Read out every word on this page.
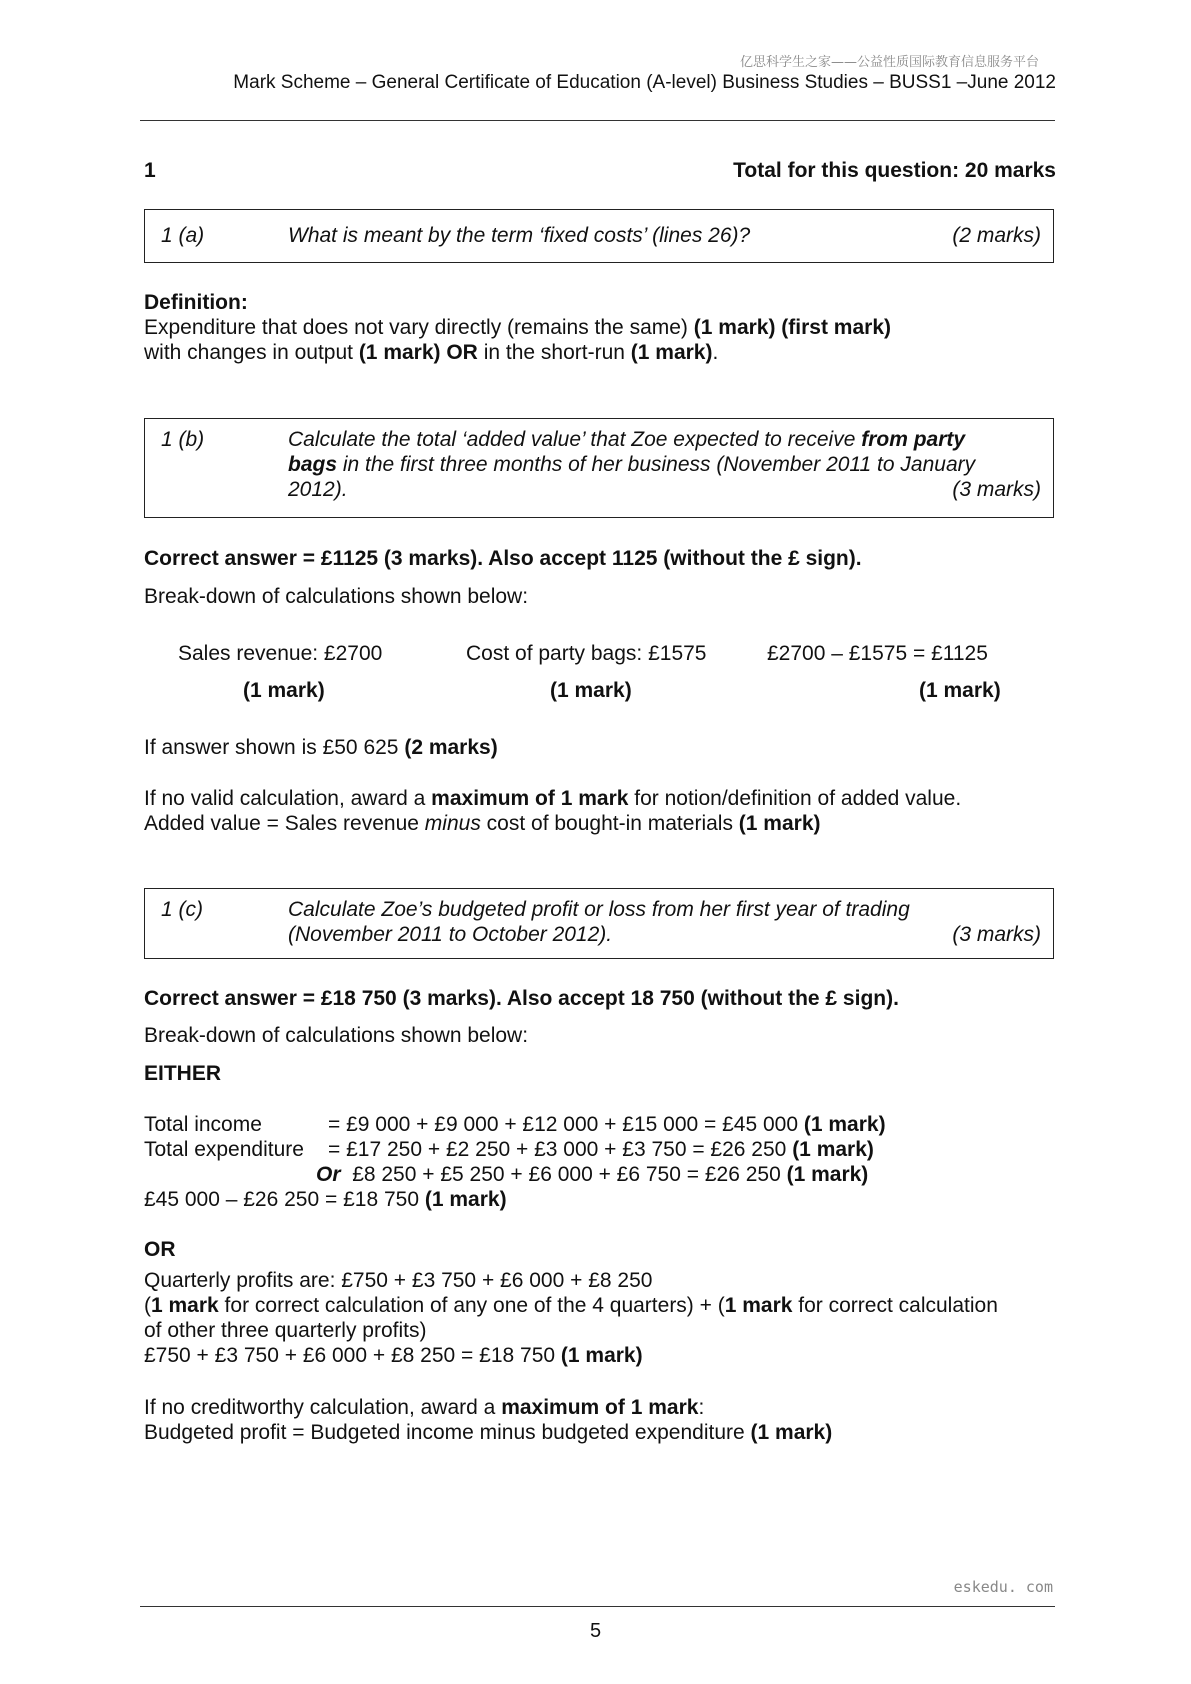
亿思科学生之家——公益性质国际教育信息服务平台
Mark Scheme – General Certificate of Education (A-level) Business Studies – BUSS1 –June 2012
1	Total for this question: 20 marks
1 (a)	What is meant by the term ‘fixed costs’ (lines 26)?	(2 marks)
Definition:
Expenditure that does not vary directly (remains the same) (1 mark) (first mark)
with changes in output (1 mark) OR in the short-run (1 mark).
1 (b)	Calculate the total ‘added value’ that Zoe expected to receive from party
bags in the first three months of her business (November 2011 to January
2012).	(3 marks)
Correct answer = £1125 (3 marks). Also accept 1125 (without the £ sign).
Break-down of calculations shown below:
Sales revenue: £2700	Cost of party bags: £1575	£2700 – £1575 = £1125
(1 mark)	(1 mark)	(1 mark)
If answer shown is £50 625 (2 marks)
If no valid calculation, award a maximum of 1 mark for notion/definition of added value.
Added value = Sales revenue minus cost of bought-in materials (1 mark)
1 (c)	Calculate Zoe’s budgeted profit or loss from her first year of trading
(November 2011 to October 2012).	(3 marks)
Correct answer = £18 750 (3 marks). Also accept 18 750 (without the £ sign).
Break-down of calculations shown below:
EITHER
Total income	= £9 000 + £9 000 + £12 000 + £15 000 = £45 000 (1 mark)
Total expenditure = £17 250 + £2 250 + £3 000 + £3 750 = £26 250 (1 mark)
Or £8 250 + £5 250 + £6 000 + £6 750 = £26 250 (1 mark)
£45 000 – £26 250 = £18 750 (1 mark)
OR
Quarterly profits are: £750 + £3 750 + £6 000 + £8 250
(1 mark for correct calculation of any one of the 4 quarters) + (1 mark for correct calculation
of other three quarterly profits)
£750 + £3 750 + £6 000 + £8 250 = £18 750 (1 mark)
If no creditworthy calculation, award a maximum of 1 mark:
Budgeted profit = Budgeted income minus budgeted expenditure (1 mark)
eskedu. com
5
